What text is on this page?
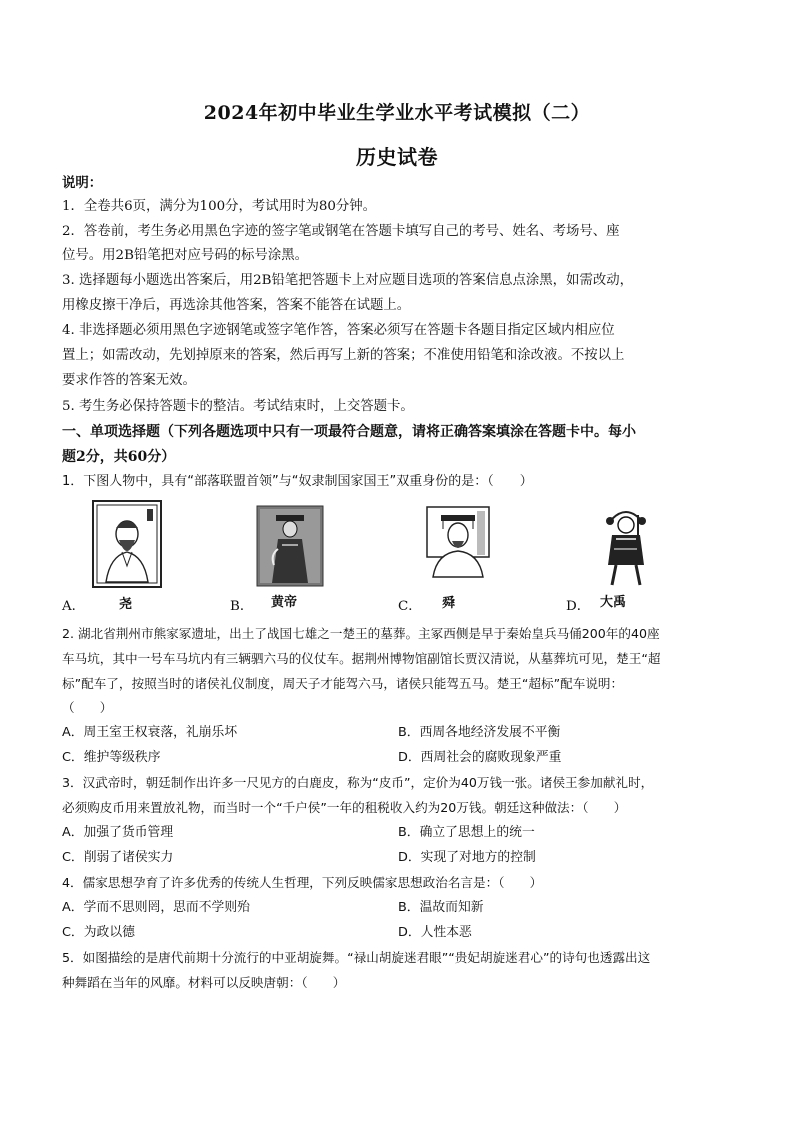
2024年初中毕业生学业水平考试模拟（二）
历史试卷
说明：
1．全卷共6页，满分为100分，考试用时为80分钟。
2．答卷前，考生务必用黑色字迹的签字笔或钢笔在答题卡填写自己的考号、姓名、考场号、座
位号。用2B铅笔把对应号码的标号涂黑。
3. 选择题每小题选出答案后，用2B铅笔把答题卡上对应题目选项的答案信息点涂黑，如需改动，
用橡皮擦干净后，再选涂其他答案，答案不能答在试题上。
4. 非选择题必须用黑色字迹钢笔或签字笔作答，答案必须写在答题卡各题目指定区域内相应位
置上；如需改动，先划掉原来的答案，然后再写上新的答案；不准使用铅笔和涂改液。不按以上
要求作答的答案无效。
5. 考生务必保持答题卡的整洁。考试结束时，上交答题卡。
一、单项选择题（下列各题选项中只有一项最符合题意，请将正确答案填涂在答题卡中。每小
题2分，共60分）
1．下图人物中，具有“部落联盟首领”与“奴隶制国家国王”双重身份的是：（　　）
A．	尧	B． 黄帝	C． 舜	D． 大禹
2. 湖北省荆州市熊家冢遗址，出土了战国七雄之一楚王的墓葬。主冢西侧是早于秦始皇兵马俑200年的40座
车马坑，其中一号车马坑内有三辆驷六马的仪仗车。据荆州博物馆副馆长贾汉清说，从墓葬坑可见，楚王“超
标”配车了，按照当时的诸侯礼仪制度，周天子才能驾六马，诸侯只能驾五马。楚王“超标”配车说明：
（　　）
A．周王室王权衰落，礼崩乐坏	B．西周各地经济发展不平衡
C．维护等级秩序	D．西周社会的腐败现象严重
3．汉武帝时，朝廷制作出许多一尺见方的白鹿皮，称为“皮币”，定价为40万钱一张。诸侯王参加献礼时，
必须购皮币用来置放礼物，而当时一个“千户侯”一年的租税收入约为20万钱。朝廷这种做法：（　　）
A．加强了货币管理	B．确立了思想上的统一
C．削弱了诸侯实力	D．实现了对地方的控制
4．儒家思想孕育了许多优秀的传统人生哲理，下列反映儒家思想政治名言是：（　　）
A．学而不思则罔，思而不学则殆	B．温故而知新
C．为政以德	D．人性本恶
5．如图描绘的是唐代前期十分流行的中亚胡旋舞。“禄山胡旋迷君眼”“贵妃胡旋迷君心”的诗句也透露出这
种舞蹈在当年的风靡。材料可以反映唐朝：（　　）
